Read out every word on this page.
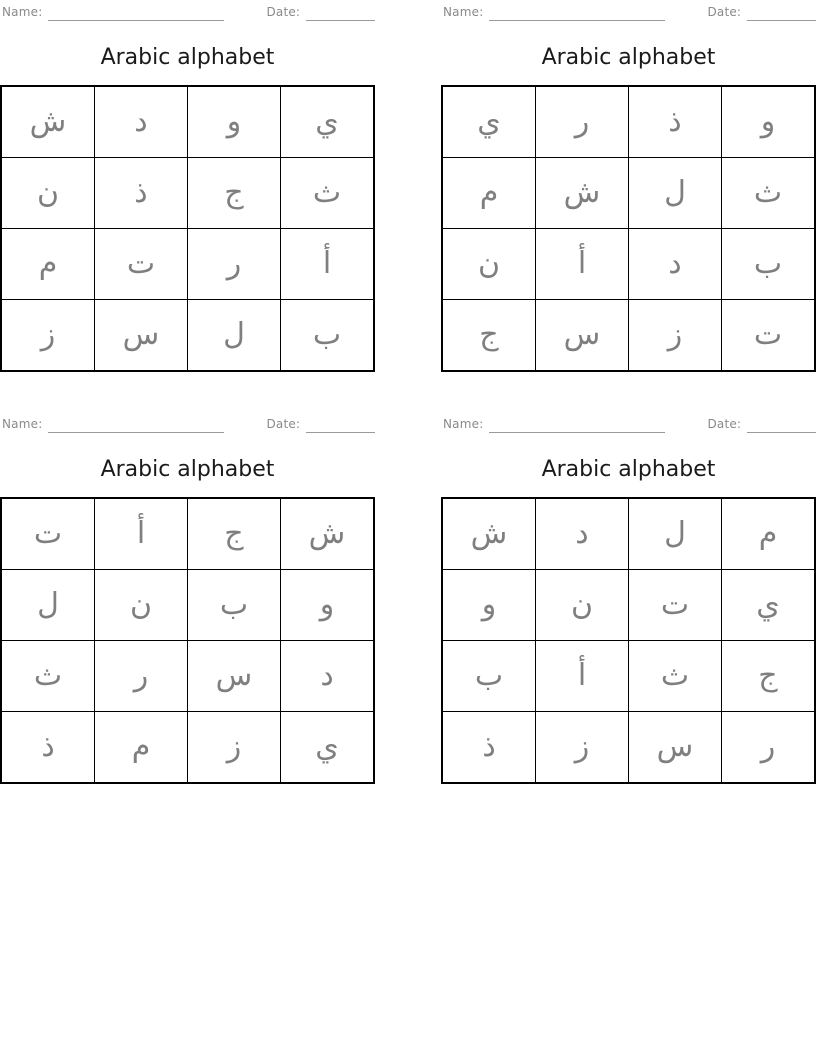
Name:	Date:
Arabic alphabet
ش	د	و	ي
ن	ذ	ج	ث
م	ت	ر	أ
ز	س	ل	ب
Name:	Date:
Arabic alphabet
ي	ر	ذ	و
م	ش	ل	ث
ن	أ	د	ب
ج	س	ز	ت
Name:	Date:
Arabic alphabet
ت	أ	ج	ش
ل	ن	ب	و
ث	ر	س	د
ذ	م	ز	ي
Name:	Date:
Arabic alphabet
ش	د	ل	م
و	ن	ت	ي
ب	أ	ث	ج
ذ	ز	س	ر
